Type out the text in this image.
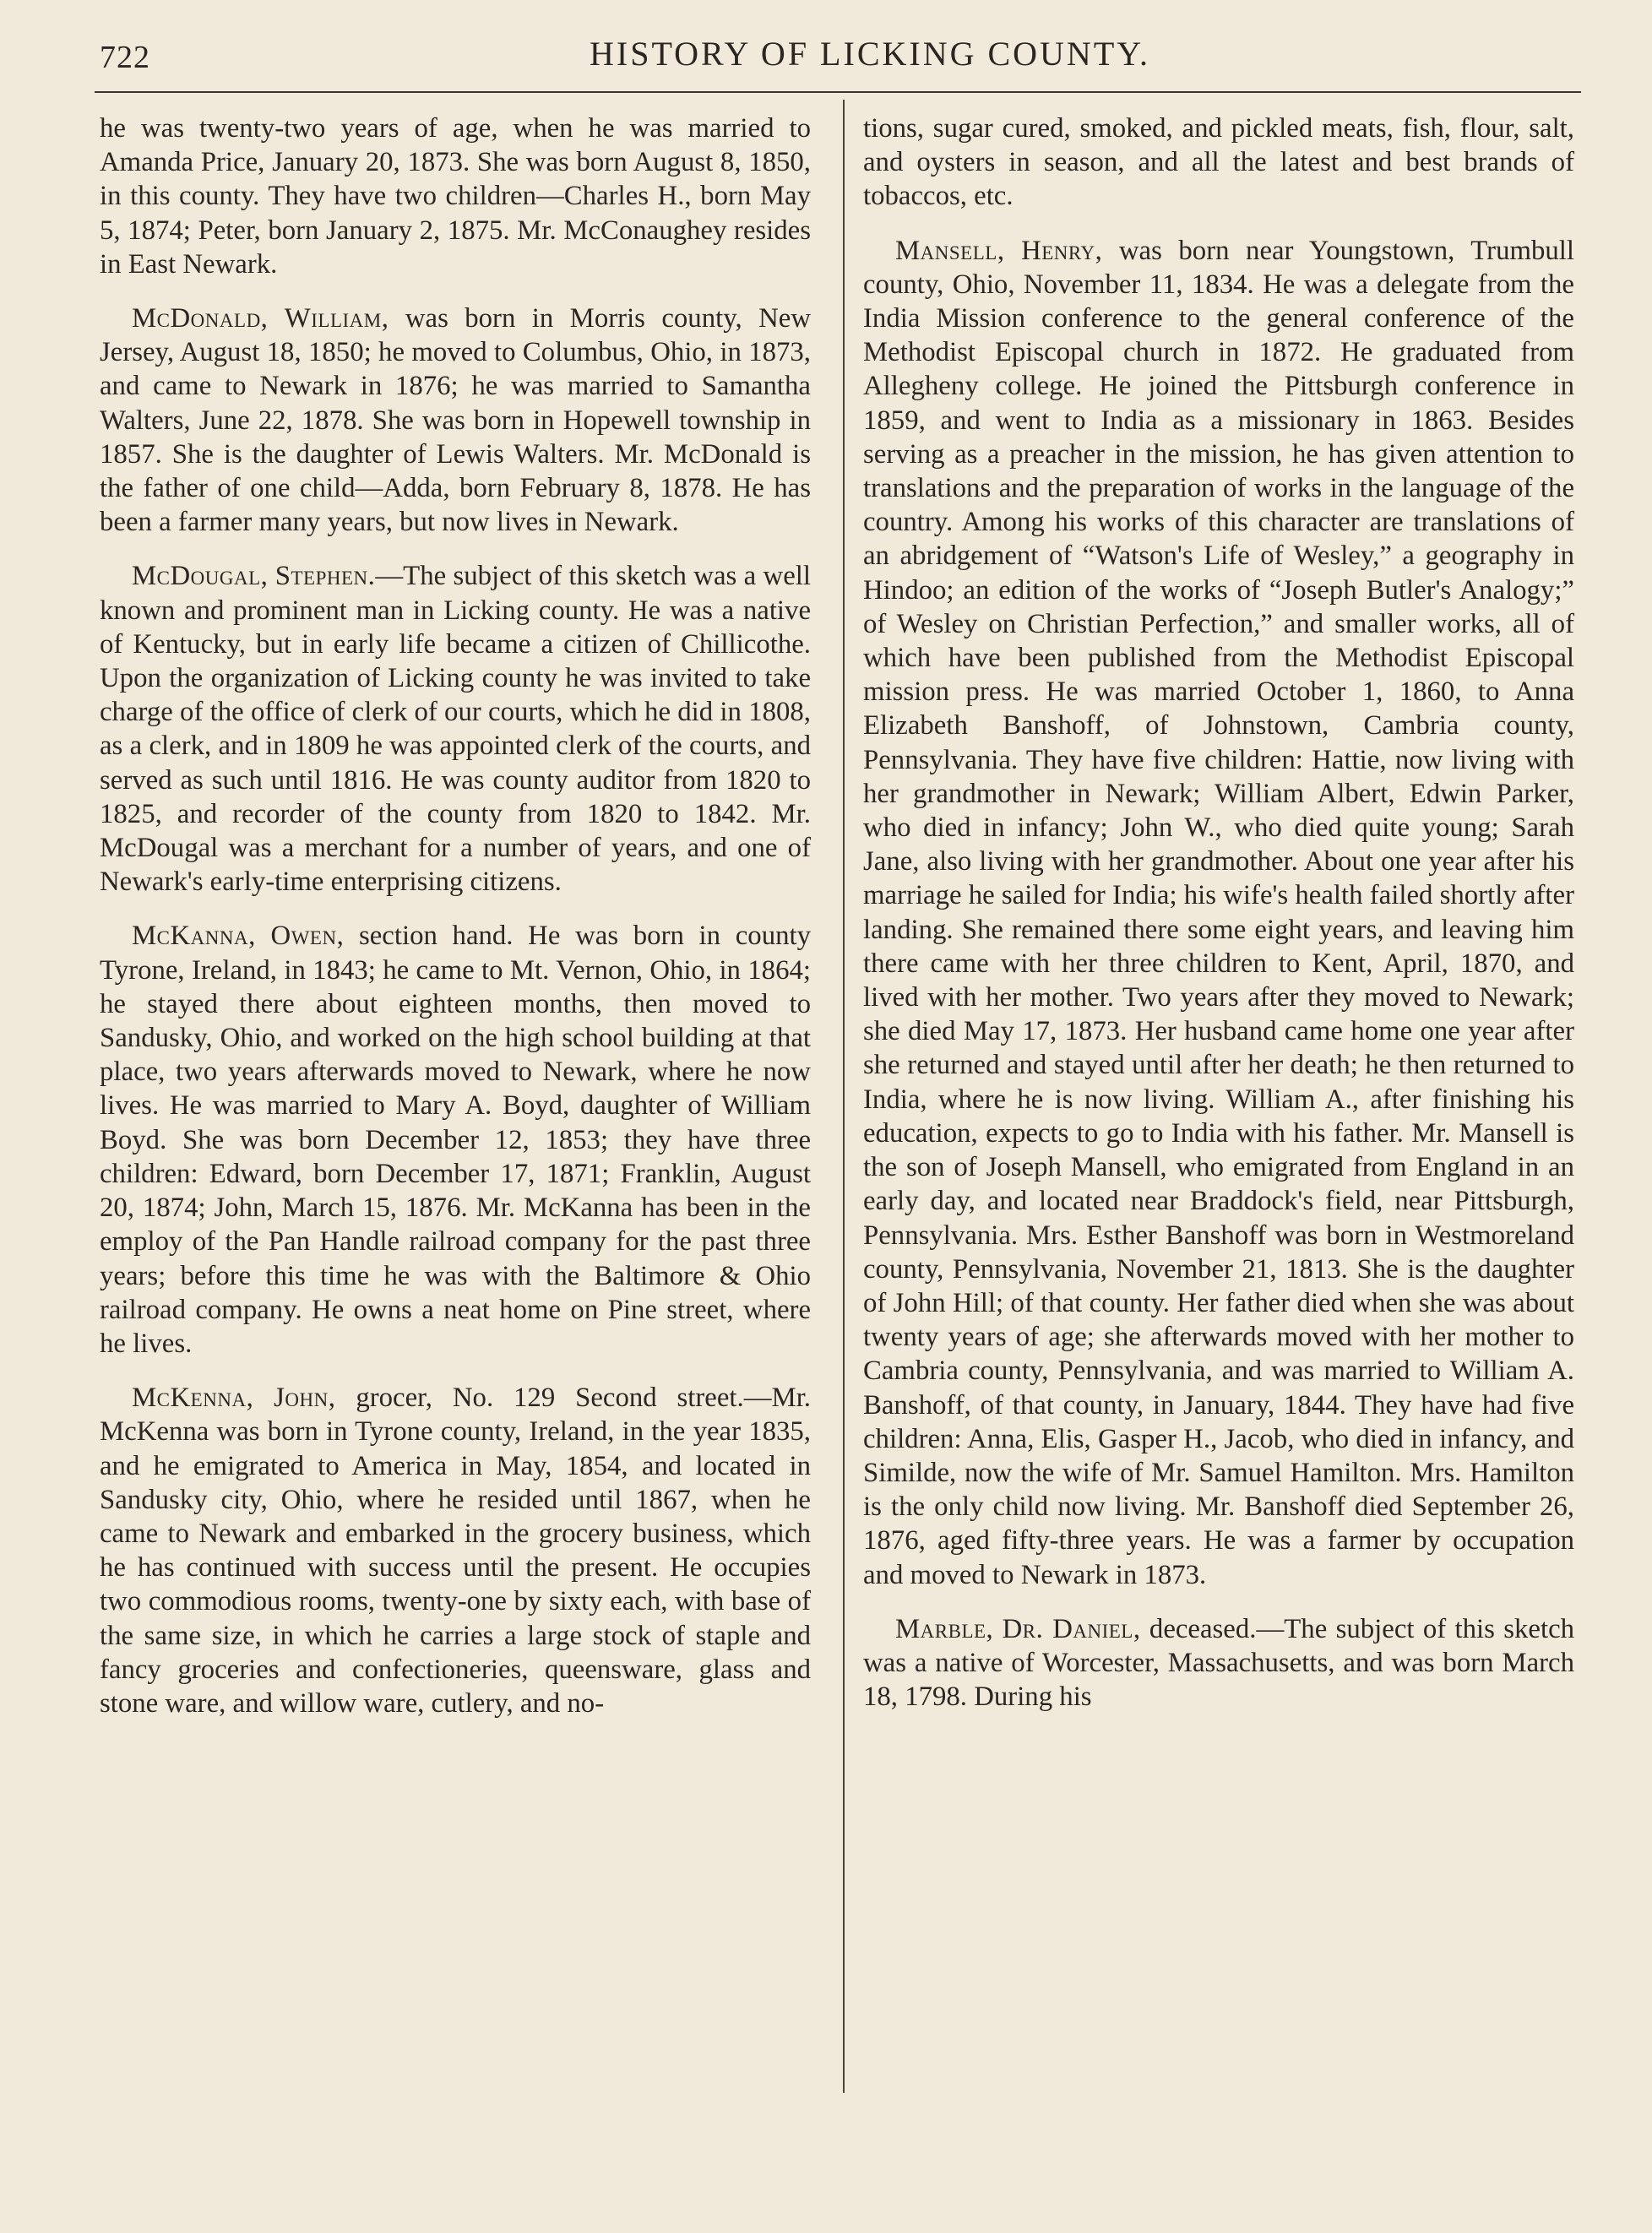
722	HISTORY OF LICKING COUNTY.

he was twenty-two years of age, when he was married to Amanda Price, January 20, 1873. She was born August 8, 1850, in this county. They have two children—Charles H., born May 5, 1874; Peter, born January 2, 1875. Mr. McConaughey resides in East Newark.

McDonald, William, was born in Morris county, New Jersey, August 18, 1850; he moved to Columbus, Ohio, in 1873, and came to Newark in 1876; he was married to Samantha Walters, June 22, 1878. She was born in Hopewell township in 1857. She is the daughter of Lewis Walters. Mr. McDonald is the father of one child—Adda, born February 8, 1878. He has been a farmer many years, but now lives in Newark.

McDougal, Stephen.—The subject of this sketch was a well known and prominent man in Licking county. He was a native of Kentucky, but in early life became a citizen of Chillicothe. Upon the organization of Licking county he was invited to take charge of the office of clerk of our courts, which he did in 1808, as a clerk, and in 1809 he was appointed clerk of the courts, and served as such until 1816. He was county auditor from 1820 to 1825, and recorder of the county from 1820 to 1842. Mr. McDougal was a merchant for a number of years, and one of Newark's early-time enterprising citizens.

McKanna, Owen, section hand. He was born in county Tyrone, Ireland, in 1843; he came to Mt. Vernon, Ohio, in 1864; he stayed there about eighteen months, then moved to Sandusky, Ohio, and worked on the high school building at that place, two years afterwards moved to Newark, where he now lives. He was married to Mary A. Boyd, daughter of William Boyd. She was born December 12, 1853; they have three children: Edward, born December 17, 1871; Franklin, August 20, 1874; John, March 15, 1876. Mr. McKanna has been in the employ of the Pan Handle railroad company for the past three years; before this time he was with the Baltimore & Ohio railroad company. He owns a neat home on Pine street, where he lives.

McKenna, John, grocer, No. 129 Second street.—Mr. McKenna was born in Tyrone county, Ireland, in the year 1835, and he emigrated to America in May, 1854, and located in Sandusky city, Ohio, where he resided until 1867, when he came to Newark and embarked in the grocery business, which he has continued with success until the present. He occupies two commodious rooms, twenty-one by sixty each, with base of the same size, in which he carries a large stock of staple and fancy groceries and confectioneries, queensware, glass and stone ware, and willow ware, cutlery, and no-

tions, sugar cured, smoked, and pickled meats, fish, flour, salt, and oysters in season, and all the latest and best brands of tobaccos, etc.

Mansell, Henry, was born near Youngstown, Trumbull county, Ohio, November 11, 1834. He was a delegate from the India Mission conference to the general conference of the Methodist Episcopal church in 1872. He graduated from Allegheny college. He joined the Pittsburgh conference in 1859, and went to India as a missionary in 1863. Besides serving as a preacher in the mission, he has given attention to translations and the preparation of works in the language of the country. Among his works of this character are translations of an abridgement of “Watson's Life of Wesley,” a geography in Hindoo; an edition of the works of “Joseph Butler's Analogy;” of Wesley on Christian Perfection,” and smaller works, all of which have been published from the Methodist Episcopal mission press. He was married October 1, 1860, to Anna Elizabeth Banshoff, of Johnstown, Cambria county, Pennsylvania. They have five children: Hattie, now living with her grandmother in Newark; William Albert, Edwin Parker, who died in infancy; John W., who died quite young; Sarah Jane, also living with her grandmother. About one year after his marriage he sailed for India; his wife's health failed shortly after landing. She remained there some eight years, and leaving him there came with her three children to Kent, April, 1870, and lived with her mother. Two years after they moved to Newark; she died May 17, 1873. Her husband came home one year after she returned and stayed until after her death; he then returned to India, where he is now living. William A., after finishing his education, expects to go to India with his father. Mr. Mansell is the son of Joseph Mansell, who emigrated from England in an early day, and located near Braddock's field, near Pittsburgh, Pennsylvania. Mrs. Esther Banshoff was born in Westmoreland county, Pennsylvania, November 21, 1813. She is the daughter of John Hill; of that county. Her father died when she was about twenty years of age; she afterwards moved with her mother to Cambria county, Pennsylvania, and was married to William A. Banshoff, of that county, in January, 1844. They have had five children: Anna, Elis, Gasper H., Jacob, who died in infancy, and Similde, now the wife of Mr. Samuel Hamilton. Mrs. Hamilton is the only child now living. Mr. Banshoff died September 26, 1876, aged fifty-three years. He was a farmer by occupation and moved to Newark in 1873.

Marble, Dr. Daniel, deceased.—The subject of this sketch was a native of Worcester, Massachusetts, and was born March 18, 1798. During his
